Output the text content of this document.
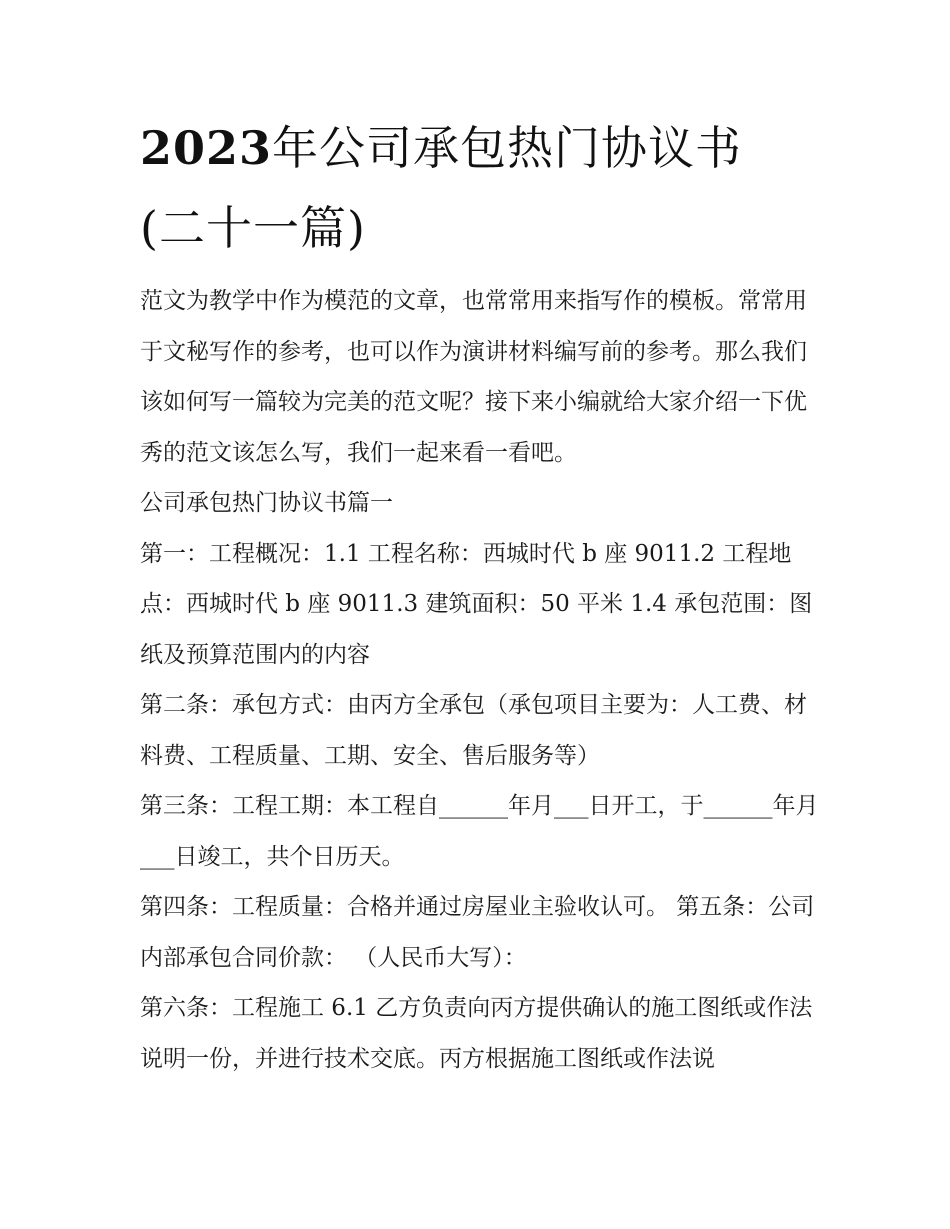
2023年公司承包热门协议书
(二十一篇)

范文为教学中作为模范的文章，也常常用来指写作的模板。常常用于文秘写作的参考，也可以作为演讲材料编写前的参考。那么我们该如何写一篇较为完美的范文呢？接下来小编就给大家介绍一下优秀的范文该怎么写，我们一起来看一看吧。

公司承包热门协议书篇一

第一：工程概况：1.1 工程名称：西城时代 b 座 9011.2 工程地点：西城时代 b 座 9011.3 建筑面积：50 平米 1.4 承包范围：图纸及预算范围内的内容

第二条：承包方式：由丙方全承包（承包项目主要为：人工费、材料费、工程质量、工期、安全、售后服务等）

第三条：工程工期：本工程自______年月___日开工，于______年月___日竣工，共个日历天。

第四条：工程质量：合格并通过房屋业主验收认可。 第五条：公司内部承包合同价款： （人民币大写）：

第六条：工程施工 6.1 乙方负责向丙方提供确认的施工图纸或作法说明一份，并进行技术交底。丙方根据施工图纸或作法说
